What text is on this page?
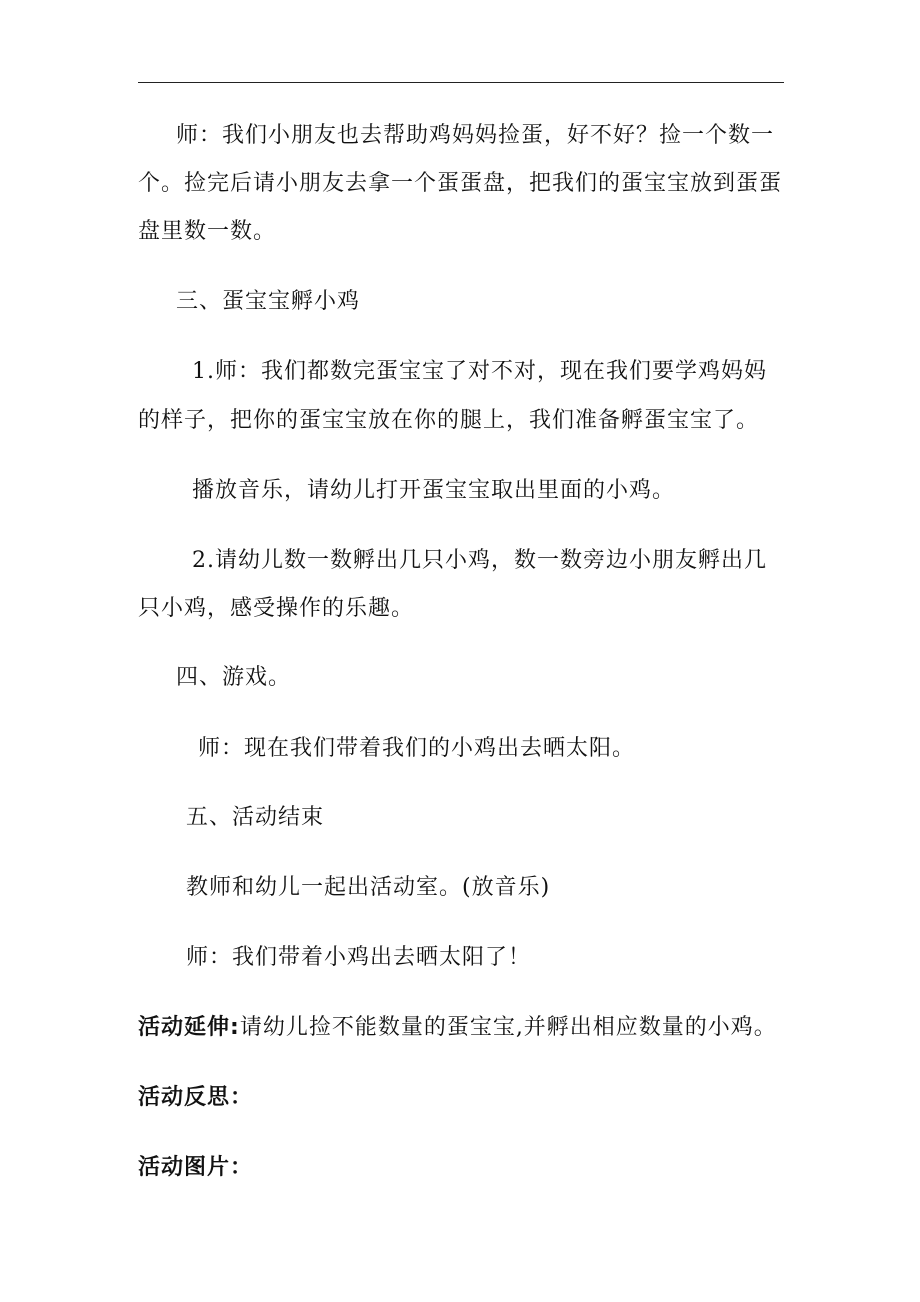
师：我们小朋友也去帮助鸡妈妈捡蛋，好不好？捡一个数一
个。捡完后请小朋友去拿一个蛋蛋盘，把我们的蛋宝宝放到蛋蛋
盘里数一数。
三、蛋宝宝孵小鸡
1.师：我们都数完蛋宝宝了对不对，现在我们要学鸡妈妈
的样子，把你的蛋宝宝放在你的腿上，我们准备孵蛋宝宝了。
播放音乐，请幼儿打开蛋宝宝取出里面的小鸡。
2.请幼儿数一数孵出几只小鸡，数一数旁边小朋友孵出几
只小鸡，感受操作的乐趣。
四、游戏。
师：现在我们带着我们的小鸡出去晒太阳。
五、活动结束
教师和幼儿一起出活动室。(放音乐)
师：我们带着小鸡出去晒太阳了！
活动延伸:请幼儿捡不能数量的蛋宝宝,并孵出相应数量的小鸡。
活动反思：
活动图片：
